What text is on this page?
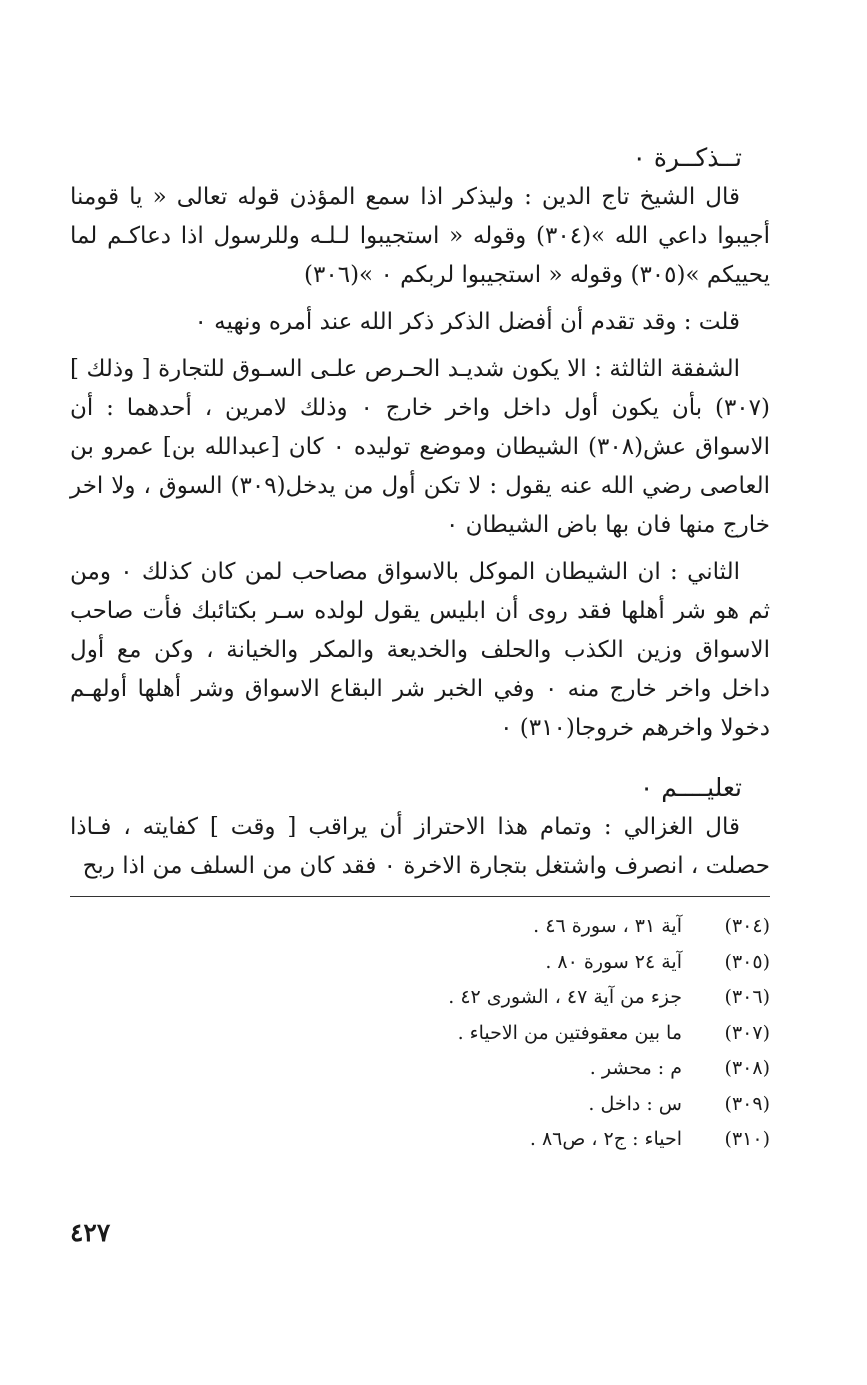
تــذكــرة ٠

قال الشيخ تاج الدين : وليذكر اذا سمع المؤذن قوله تعالى « يا قومنا أجيبوا داعي الله »(٣٠٤) وقوله « استجيبوا لـلـه وللرسول اذا دعاكـم لما يحييكم »(٣٠٥) وقوله « استجيبوا لربكم ٠ »(٣٠٦)

قلت : وقد تقدم أن أفضل الذكر ذكر الله عند أمره ونهيه ٠

الشفقة الثالثة : الا يكون شديـد الحـرص علـى السـوق للتجارة [ وذلك ](٣٠٧) بأن يكون أول داخل واخر خارج ٠ وذلك لامرين ، أحدهما : أن الاسواق عش(٣٠٨) الشيطان وموضع توليده ٠ كان [عبدالله بن] عمرو بن العاصى رضي الله عنه يقول : لا تكن أول من يدخل(٣٠٩) السوق ، ولا اخر خارج منها فان بها باض الشيطان ٠

الثاني : ان الشيطان الموكل بالاسواق مصاحب لمن كان كذلك ٠ ومن ثم هو شر أهلها فقد روى أن ابليس يقول لولده سـر بكتائبك فأت صاحب الاسواق وزين الكذب والحلف والخديعة والمكر والخيانة ، وكن مع أول داخل واخر خارج منه ٠ وفي الخبر شر البقاع الاسواق وشر أهلها أولهـم دخولا واخرهم خروجا(٣١٠) ٠

تعليــــم ٠

قال الغزالي : وتمام هذا الاحتراز أن يراقب [ وقت ] كفايته ، فـاذا حصلت ، انصرف واشتغل بتجارة الاخرة ٠ فقد كان من السلف من اذا ربح

(٣٠٤)
آية ٣١ ، سورة ٤٦ .
(٣٠٥)
آية ٢٤ سورة ٨٠ .
(٣٠٦)
جزء من آية ٤٧ ، الشورى ٤٢ .
(٣٠٧)
ما بين معقوفتين من الاحياء .
(٣٠٨)
م : محشر .
(٣٠٩)
س : داخل .
(٣١٠)
احياء : ج٢ ، ص٨٦ .
٤٢٧
